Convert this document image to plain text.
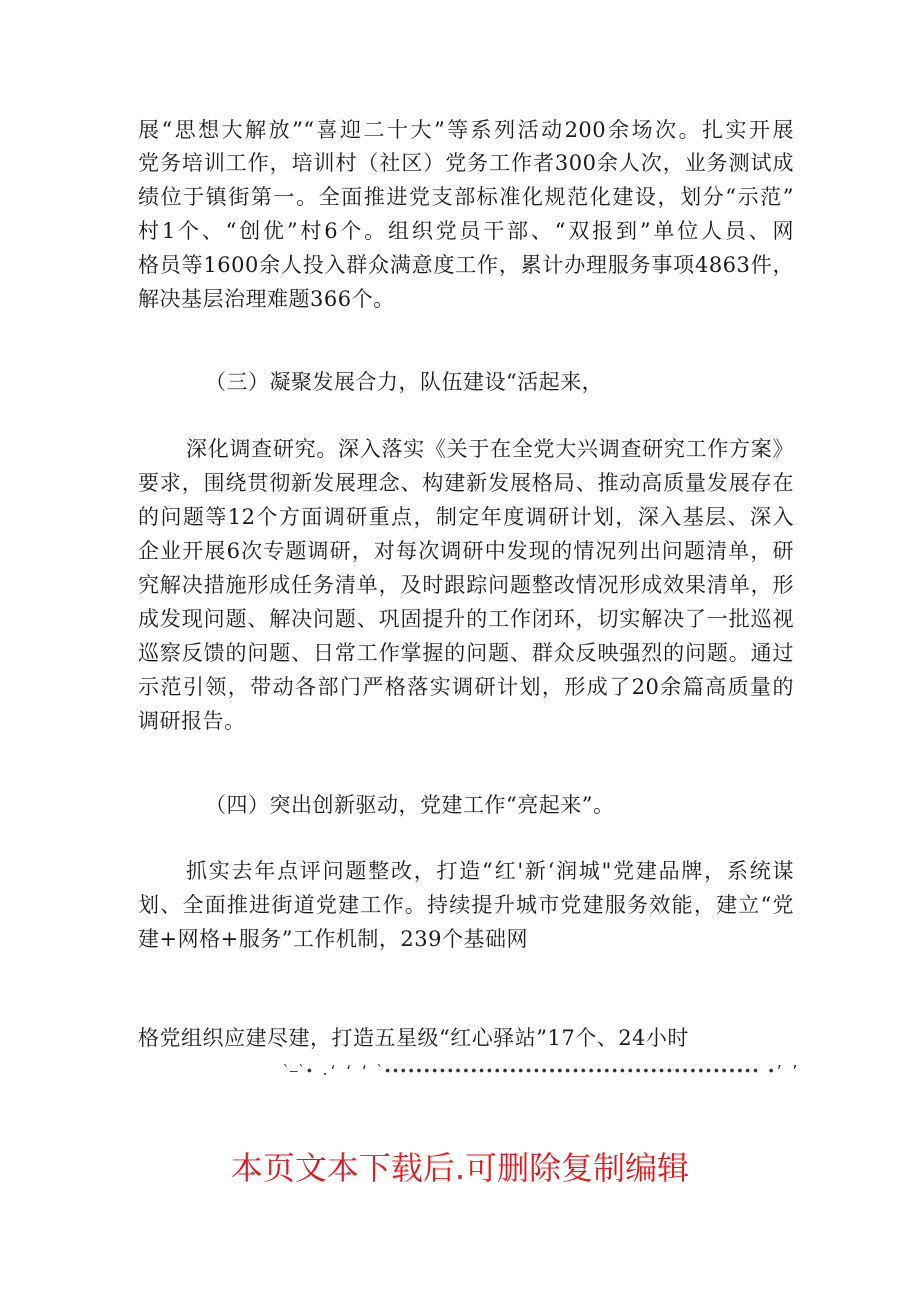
展“思想大解放”“喜迎二十大”等系列活动200余场次。扎实开展
党务培训工作，培训村（社区）党务工作者300余人次，业务测试成
绩位于镇街第一。全面推进党支部标准化规范化建设，划分“示范”
村1个、“创优”村6个。组织党员干部、“双报到”单位人员、网
格员等1600余人投入群众满意度工作，累计办理服务事项4863件，
解决基层治理难题366个。
（三）凝聚发展合力，队伍建设“活起来，
深化调查研究。深入落实《关于在全党大兴调查研究工作方案》
要求，围绕贯彻新发展理念、构建新发展格局、推动高质量发展存在
的问题等12个方面调研重点，制定年度调研计划，深入基层、深入
企业开展6次专题调研，对每次调研中发现的情况列出问题清单，研
究解决措施形成任务清单，及时跟踪问题整改情况形成效果清单，形
成发现问题、解决问题、巩固提升的工作闭环，切实解决了一批巡视
巡察反馈的问题、日常工作掌握的问题、群众反映强烈的问题。通过
示范引领，带动各部门严格落实调研计划，形成了20余篇高质量的
调研报告。
（四）突出创新驱动，党建工作“亮起来”。
抓实去年点评问题整改，打造“红'新‘润城"党建品牌，系统谋
划、全面推进街道党建工作。持续提升城市党建服务效能，建立“党
建+网格+服务”工作机制，239个基础网
格党组织应建尽建，打造五星级“红心驿站”17个、24小时
`—`∙ .‘ ‘ ‘ `∙∙∙∙∙∙∙∙∙∙∙∙∙∙∙∙∙∙∙∙∙∙∙∙∙∙∙∙∙∙∙∙∙∙∙∙∙∙∙∙∙∙∙∙∙∙∙∙ ∙’ ’
本页文本下载后.可删除复制编辑
